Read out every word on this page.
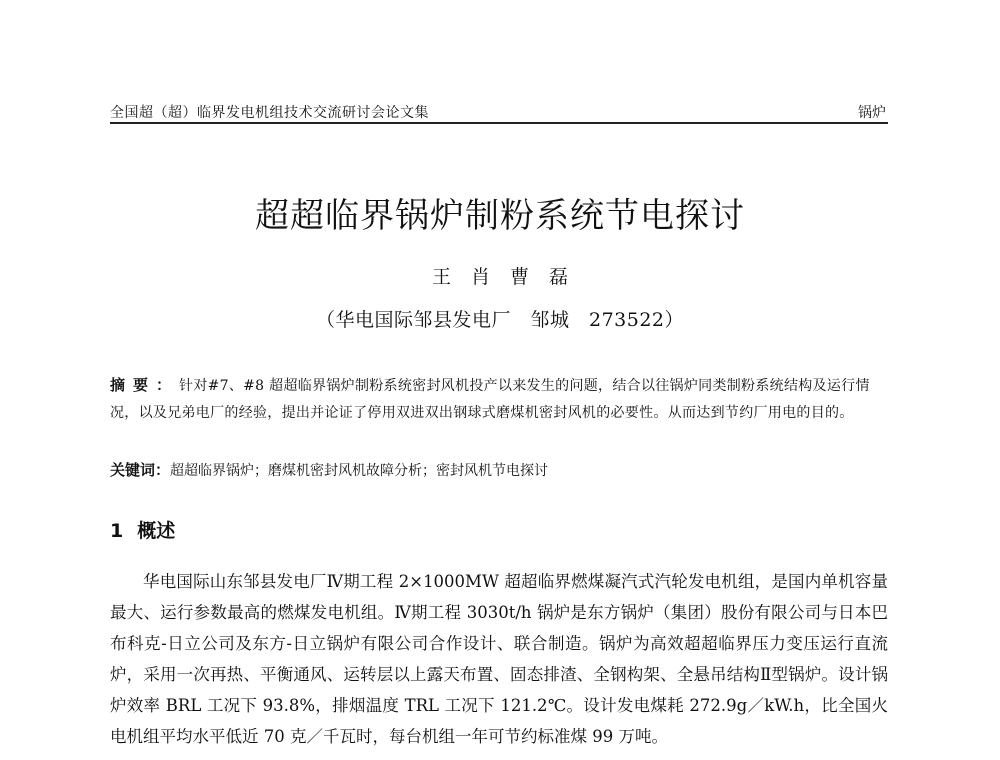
全国超（超）临界发电机组技术交流研讨会论文集	锅炉
超超临界锅炉制粉系统节电探讨
王 肖 曹 磊
（华电国际邹县发电厂　邹城　273522）
摘要：针对#7、#8 超超临界锅炉制粉系统密封风机投产以来发生的问题，结合以往锅炉同类制粉系统结构及运行情况，以及兄弟电厂的经验，提出并论证了停用双进双出钢球式磨煤机密封风机的必要性。从而达到节约厂用电的目的。
关键词：超超临界锅炉；磨煤机密封风机故障分析；密封风机节电探讨
1 概述

华电国际山东邹县发电厂Ⅳ期工程 2×1000MW 超超临界燃煤凝汽式汽轮发电机组，是国内单机容量最大、运行参数最高的燃煤发电机组。Ⅳ期工程 3030t/h 锅炉是东方锅炉（集团）股份有限公司与日本巴布科克-日立公司及东方-日立锅炉有限公司合作设计、联合制造。锅炉为高效超超临界压力变压运行直流炉，采用一次再热、平衡通风、运转层以上露天布置、固态排渣、全钢构架、全悬吊结构Ⅱ型锅炉。设计锅炉效率 BRL 工况下 93.8%，排烟温度 TRL 工况下 121.2℃。设计发电煤耗 272.9g／kW.h，比全国火电机组平均水平低近 70 克／千瓦时，每台机组一年可节约标准煤 99 万吨。
